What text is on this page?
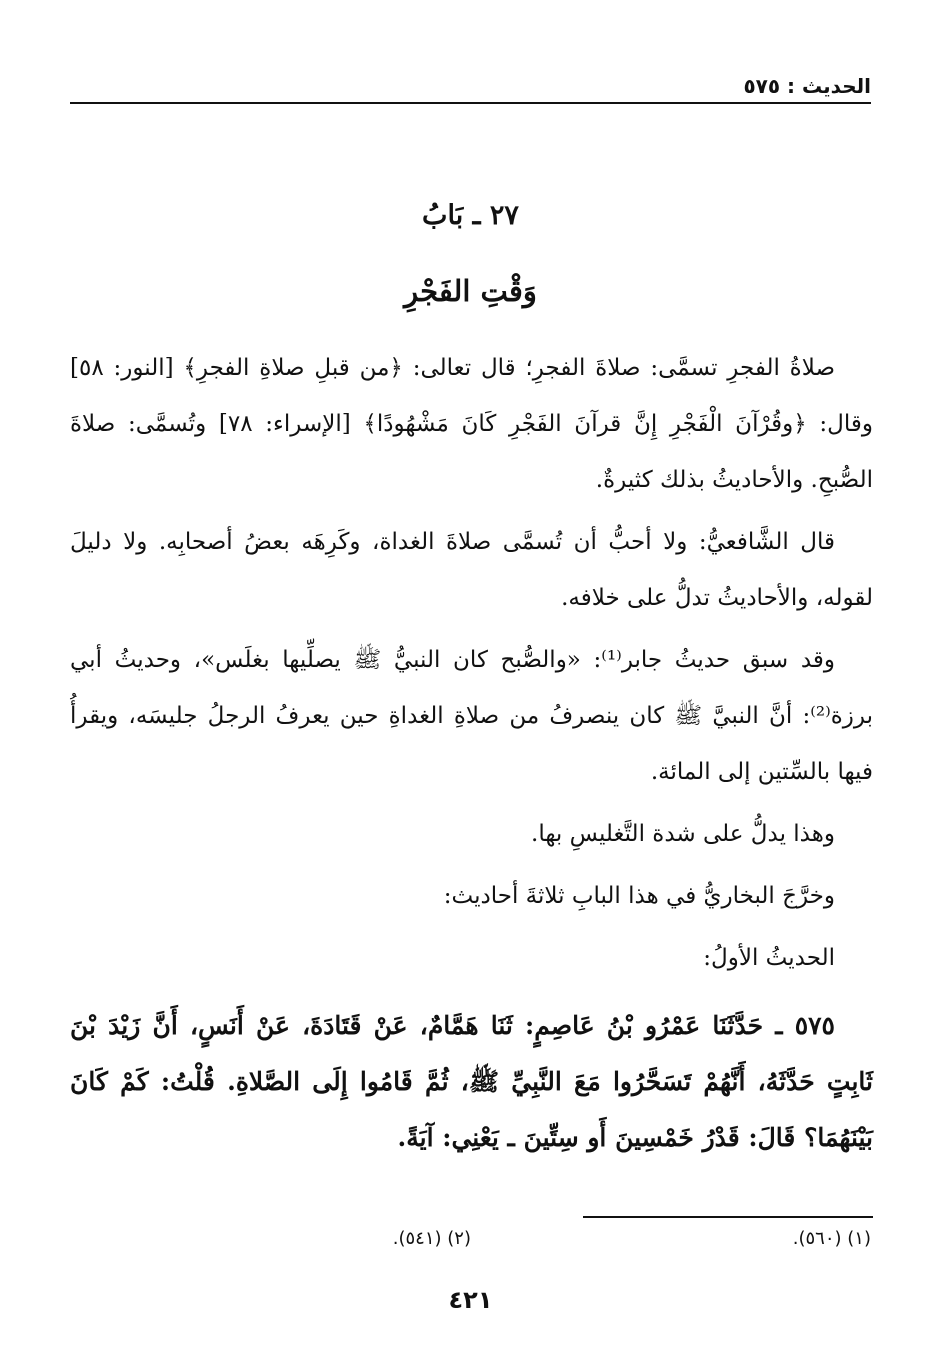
الحديث : ٥٧٥
٢٧ ـ بَابُ
وَقْتِ الفَجْرِ

صلاةُ الفجرِ تسمَّى: صلاةَ الفجرِ؛ قال تعالى: ﴿من قبلِ صلاةِ الفجرِ﴾ [النور: ٥٨] وقال: ﴿وقُرْآنَ الْفَجْرِ إِنَّ قرآنَ الفَجْرِ كَانَ مَشْهُودًا﴾ [الإسراء: ٧٨] وتُسمَّى: صلاةَ الصُّبحِ. والأحاديثُ بذلك كثيرةٌ.

قال الشَّافعيُّ: ولا أحبُّ أن تُسمَّى صلاةَ الغداة، وكَرِهَه بعضُ أصحابِه. ولا دليلَ لقوله، والأحاديثُ تدلُّ على خلافه.

وقد سبق حديثُ جابر⁽¹⁾: «والصُّبح كان النبيُّ ﷺ يصلِّيها بغلَس»، وحديثُ أبي برزة⁽²⁾: أنَّ النبيَّ ﷺ كان ينصرفُ من صلاةِ الغداةِ حين يعرفُ الرجلُ جليسَه، ويقرأُ فيها بالسِّتين إلى المائة.

وهذا يدلُّ على شدة التَّغليسِ بها.

وخرَّجَ البخاريُّ في هذا البابِ ثلاثةَ أحاديث:

الحديثُ الأولُ:

٥٧٥ ـ حَدَّثَنَا عَمْرُو بْنُ عَاصِمٍ: ثَنَا هَمَّامٌ، عَنْ قَتَادَةَ، عَنْ أَنَسٍ، أَنَّ زَيْدَ بْنَ ثَابِتٍ حَدَّثَهُ، أَنَّهُمْ تَسَحَّرُوا مَعَ النَّبِيِّ ﷺ، ثُمَّ قَامُوا إِلَى الصَّلاةِ. قُلْتُ: كَمْ كَانَ بَيْنَهُمَا؟ قَالَ: قَدْرُ خَمْسِينَ أَو سِتِّينَ ـ يَعْنِي: آيَةً.

(١) (٥٦٠).
(٢) (٥٤١).
٤٢١
